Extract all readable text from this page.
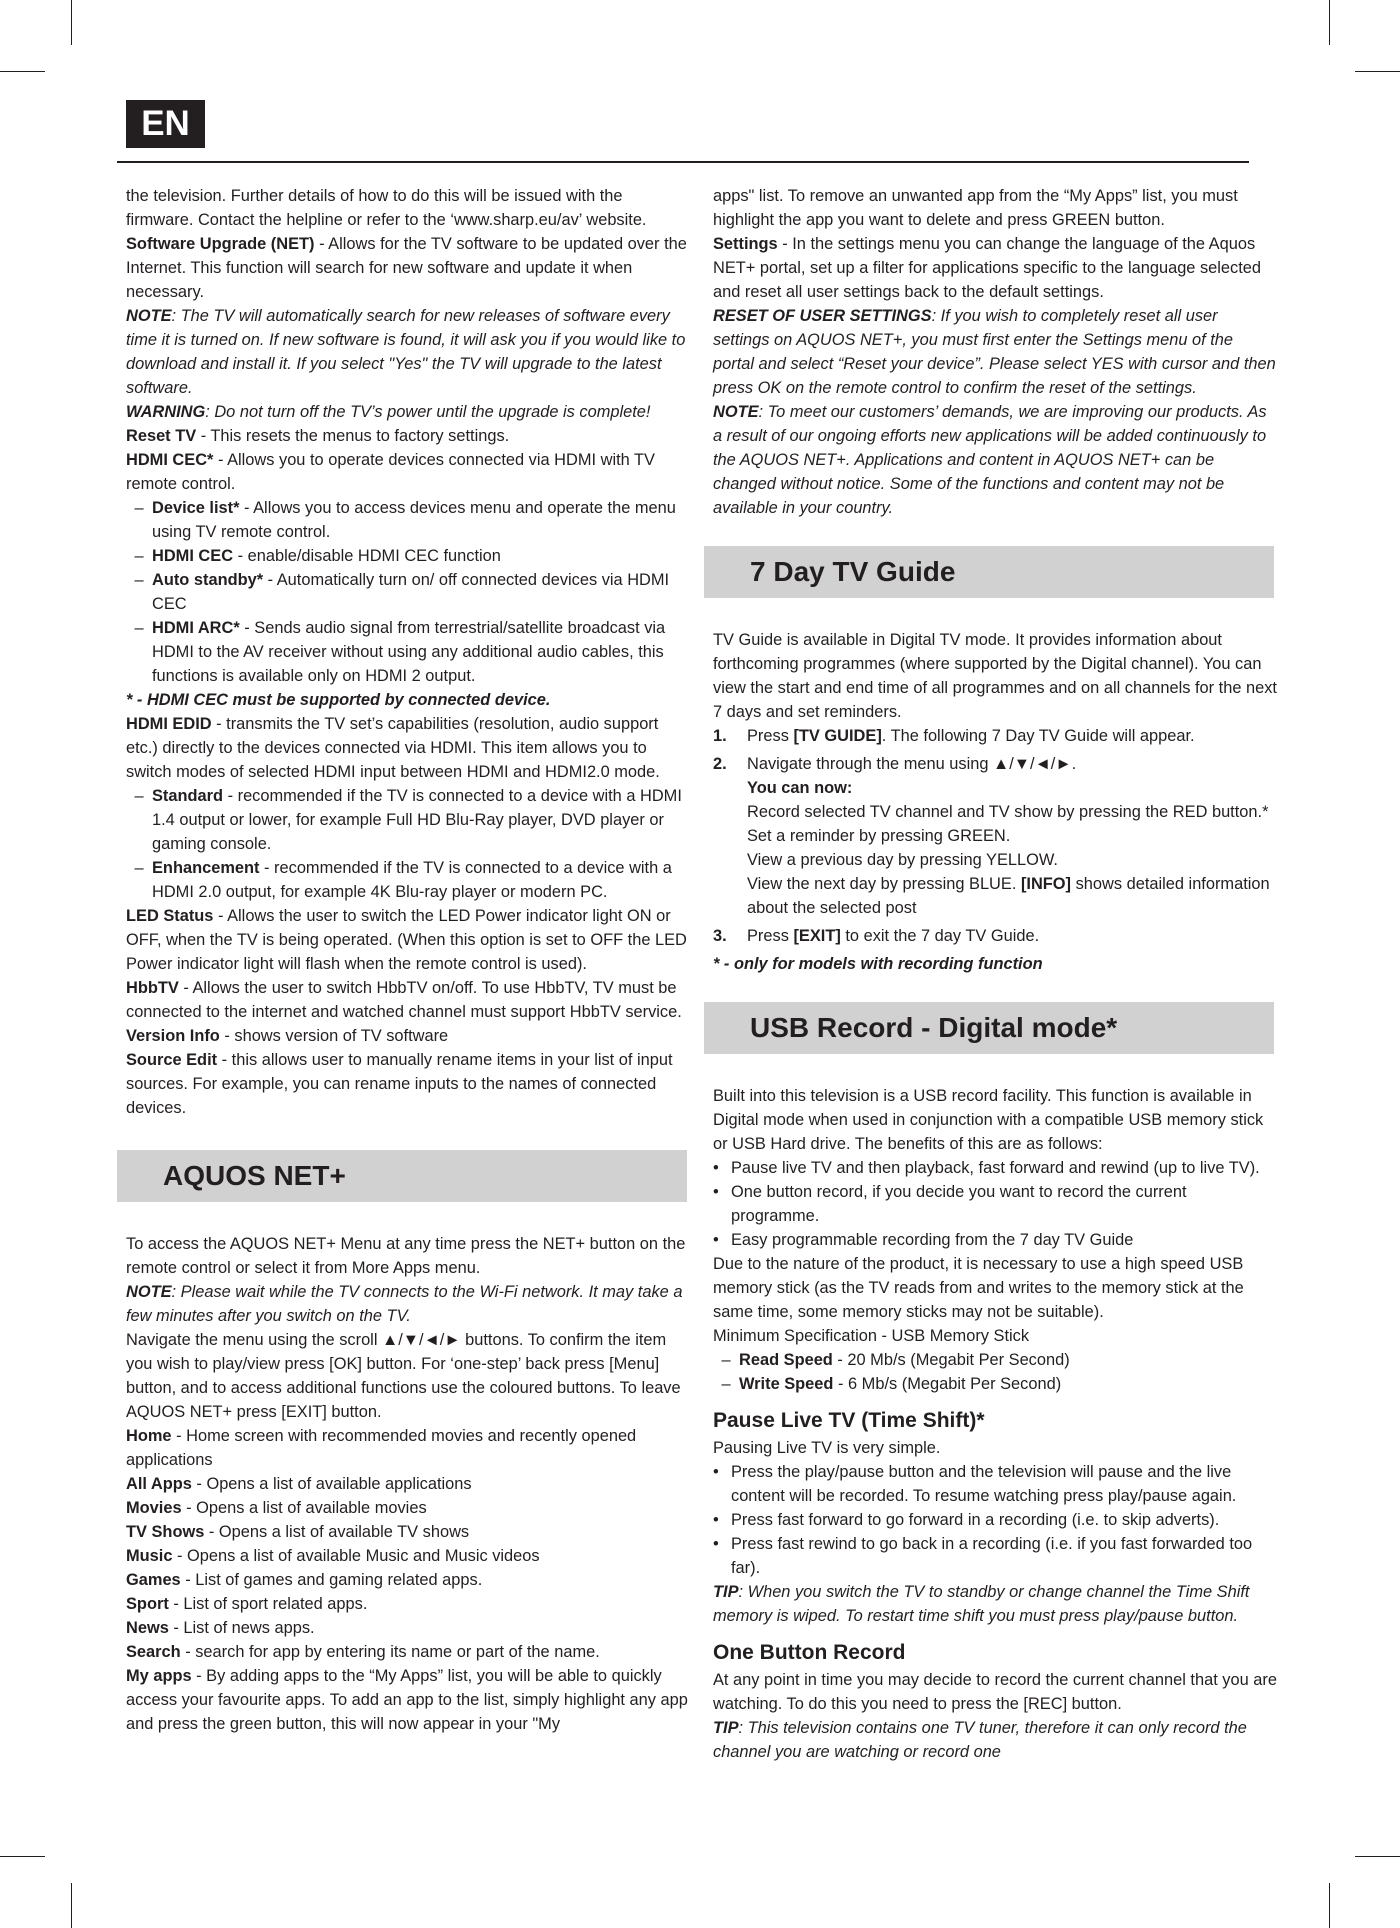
EN

the television. Further details of how to do this will be issued with the firmware. Contact the helpline or refer to the ‘www.sharp.eu/av’ website.

Software Upgrade (NET) - Allows for the TV software to be updated over the Internet. This function will search for new software and update it when necessary.

NOTE: The TV will automatically search for new releases of software every time it is turned on. If new software is found, it will ask you if you would like to download and install it. If you select "Yes" the TV will upgrade to the latest software.

WARNING: Do not turn off the TV’s power until the upgrade is complete!

Reset TV - This resets the menus to factory settings.

HDMI CEC* - Allows you to operate devices connected via HDMI with TV remote control.

– Device list* - Allows you to access devices menu and operate the menu using TV remote control.

– HDMI CEC - enable/disable HDMI CEC function

– Auto standby* - Automatically turn on/ off connected devices via HDMI CEC

– HDMI ARC* - Sends audio signal from terrestrial/satellite broadcast via HDMI to the AV receiver without using any additional audio cables, this functions is available only on HDMI 2 output.

* - HDMI CEC must be supported by connected device.

HDMI EDID - transmits the TV set’s capabilities (resolution, audio support etc.) directly to the devices connected via HDMI. This item allows you to switch modes of selected HDMI input between HDMI and HDMI2.0 mode.

– Standard - recommended if the TV is connected to a device with a HDMI 1.4 output or lower, for example Full HD Blu-Ray player, DVD player or gaming console.

– Enhancement - recommended if the TV is connected to a device with a HDMI 2.0 output, for example 4K Blu-ray player or modern PC.

LED Status - Allows the user to switch the LED Power indicator light ON or OFF, when the TV is being operated. (When this option is set to OFF the LED Power indicator light will flash when the remote control is used).

HbbTV - Allows the user to switch HbbTV on/off. To use HbbTV, TV must be connected to the internet and watched channel must support HbbTV service.

Version Info - shows version of TV software

Source Edit - this allows user to manually rename items in your list of input sources. For example, you can rename inputs to the names of connected devices.

AQUOS NET+

To access the AQUOS NET+ Menu at any time press the NET+ button on the remote control or select it from More Apps menu.

NOTE: Please wait while the TV connects to the Wi-Fi network. It may take a few minutes after you switch on the TV.

Navigate the menu using the scroll ▲/▼/◄/► buttons. To confirm the item you wish to play/view press [OK] button. For ‘one-step’ back press [Menu] button, and to access additional functions use the coloured buttons. To leave AQUOS NET+ press [EXIT] button.

Home - Home screen with recommended movies and recently opened applications

All Apps - Opens a list of available applications

Movies - Opens a list of available movies

TV Shows - Opens a list of available TV shows

Music - Opens a list of available Music and Music videos

Games - List of games and gaming related apps.

Sport - List of sport related apps.

News - List of news apps.

Search - search for app by entering its name or part of the name.

My apps - By adding apps to the “My Apps” list, you will be able to quickly access your favourite apps. To add an app to the list, simply highlight any app and press the green button, this will now appear in your "My

apps" list. To remove an unwanted app from the “My Apps” list, you must highlight the app you want to delete and press GREEN button.

Settings - In the settings menu you can change the language of the Aquos NET+ portal, set up a filter for applications specific to the language selected and reset all user settings back to the default settings.

RESET OF USER SETTINGS: If you wish to completely reset all user settings on AQUOS NET+, you must first enter the Settings menu of the portal and select “Reset your device”. Please select YES with cursor and then press OK on the remote control to confirm the reset of the settings.

NOTE: To meet our customers’ demands, we are improving our products. As a result of our ongoing efforts new applications will be added continuously to the AQUOS NET+. Applications and content in AQUOS NET+ can be changed without notice. Some of the functions and content may not be available in your country.

7 Day TV Guide

TV Guide is available in Digital TV mode. It provides information about forthcoming programmes (where supported by the Digital channel). You can view the start and end time of all programmes and on all channels for the next 7 days and set reminders.

1. Press [TV GUIDE]. The following 7 Day TV Guide will appear.

2. Navigate through the menu using ▲/▼/◄/►.

You can now:

Record selected TV channel and TV show by pressing the RED button.*

Set a reminder by pressing GREEN.

View a previous day by pressing YELLOW.

View the next day by pressing BLUE. [INFO] shows detailed information about the selected post

3. Press [EXIT] to exit the 7 day TV Guide.

* - only for models with recording function

USB Record - Digital mode*

Built into this television is a USB record facility. This function is available in Digital mode when used in conjunction with a compatible USB memory stick or USB Hard drive. The benefits of this are as follows:

• Pause live TV and then playback, fast forward and rewind (up to live TV).

• One button record, if you decide you want to record the current programme.

• Easy programmable recording from the 7 day TV Guide

Due to the nature of the product, it is necessary to use a high speed USB memory stick (as the TV reads from and writes to the memory stick at the same time, some memory sticks may not be suitable).

Minimum Specification - USB Memory Stick

– Read Speed - 20 Mb/s (Megabit Per Second)

– Write Speed - 6 Mb/s (Megabit Per Second)

Pause Live TV (Time Shift)*

Pausing Live TV is very simple.

• Press the play/pause button and the television will pause and the live content will be recorded. To resume watching press play/pause again.

• Press fast forward to go forward in a recording (i.e. to skip adverts).

• Press fast rewind to go back in a recording (i.e. if you fast forwarded too far).

TIP: When you switch the TV to standby or change channel the Time Shift memory is wiped. To restart time shift you must press play/pause button.

One Button Record

At any point in time you may decide to record the current channel that you are watching. To do this you need to press the [REC] button.

TIP: This television contains one TV tuner, therefore it can only record the channel you are watching or record one
